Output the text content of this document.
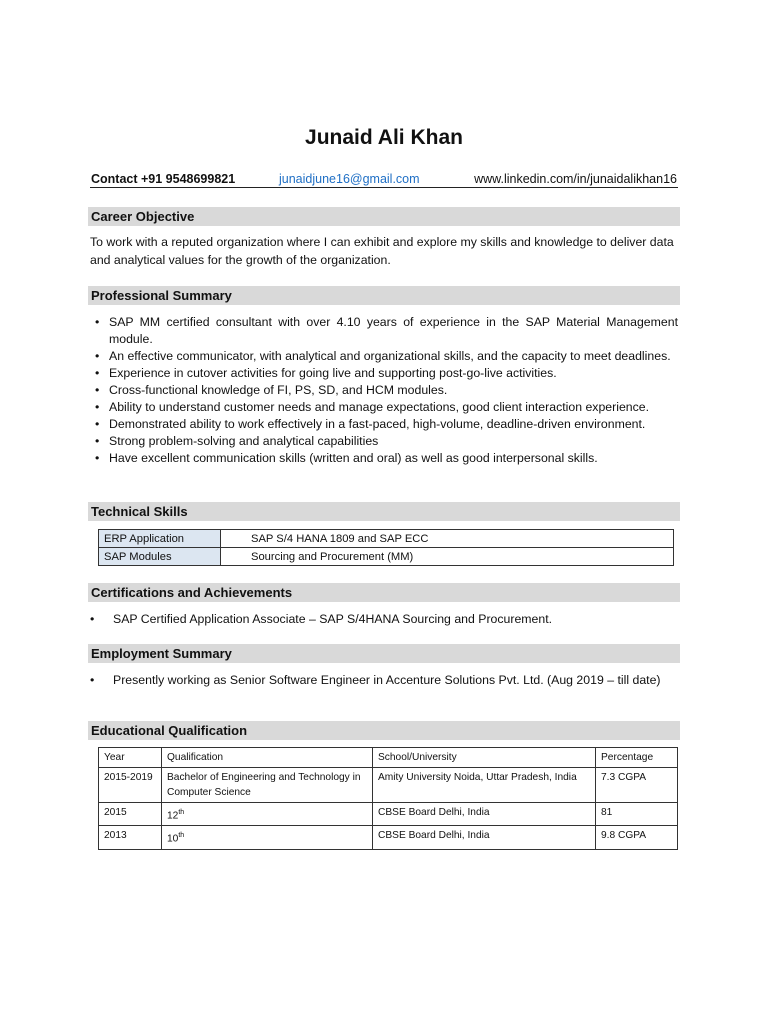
Junaid Ali Khan
Contact +91 9548699821	junaidjune16@gmail.com	www.linkedin.com/in/junaidalikhan16
Career Objective
To work with a reputed organization where I can exhibit and explore my skills and knowledge to deliver data and analytical values for the growth of the organization.
Professional Summary
• SAP MM certified consultant with over 4.10 years of experience in the SAP Material Management module.
• An effective communicator, with analytical and organizational skills, and the capacity to meet deadlines.
• Experience in cutover activities for going live and supporting post-go-live activities.
• Cross-functional knowledge of FI, PS, SD, and HCM modules.
• Ability to understand customer needs and manage expectations, good client interaction experience.
• Demonstrated ability to work effectively in a fast-paced, high-volume, deadline-driven environment.
• Strong problem-solving and analytical capabilities
• Have excellent communication skills (written and oral) as well as good interpersonal skills.
Technical Skills
ERP Application	SAP S/4 HANA 1809 and SAP ECC
SAP Modules	Sourcing and Procurement (MM)
Certifications and Achievements
• SAP Certified Application Associate – SAP S/4HANA Sourcing and Procurement.
Employment Summary
• Presently working as Senior Software Engineer in Accenture Solutions Pvt. Ltd. (Aug 2019 – till date)
Educational Qualification
Year	Qualification	School/University	Percentage
2015-2019	Bachelor of Engineering and Technology in Computer Science	Amity University Noida, Uttar Pradesh, India	7.3 CGPA
2015	12th	CBSE Board Delhi, India	81
2013	10th	CBSE Board Delhi, India	9.8 CGPA
